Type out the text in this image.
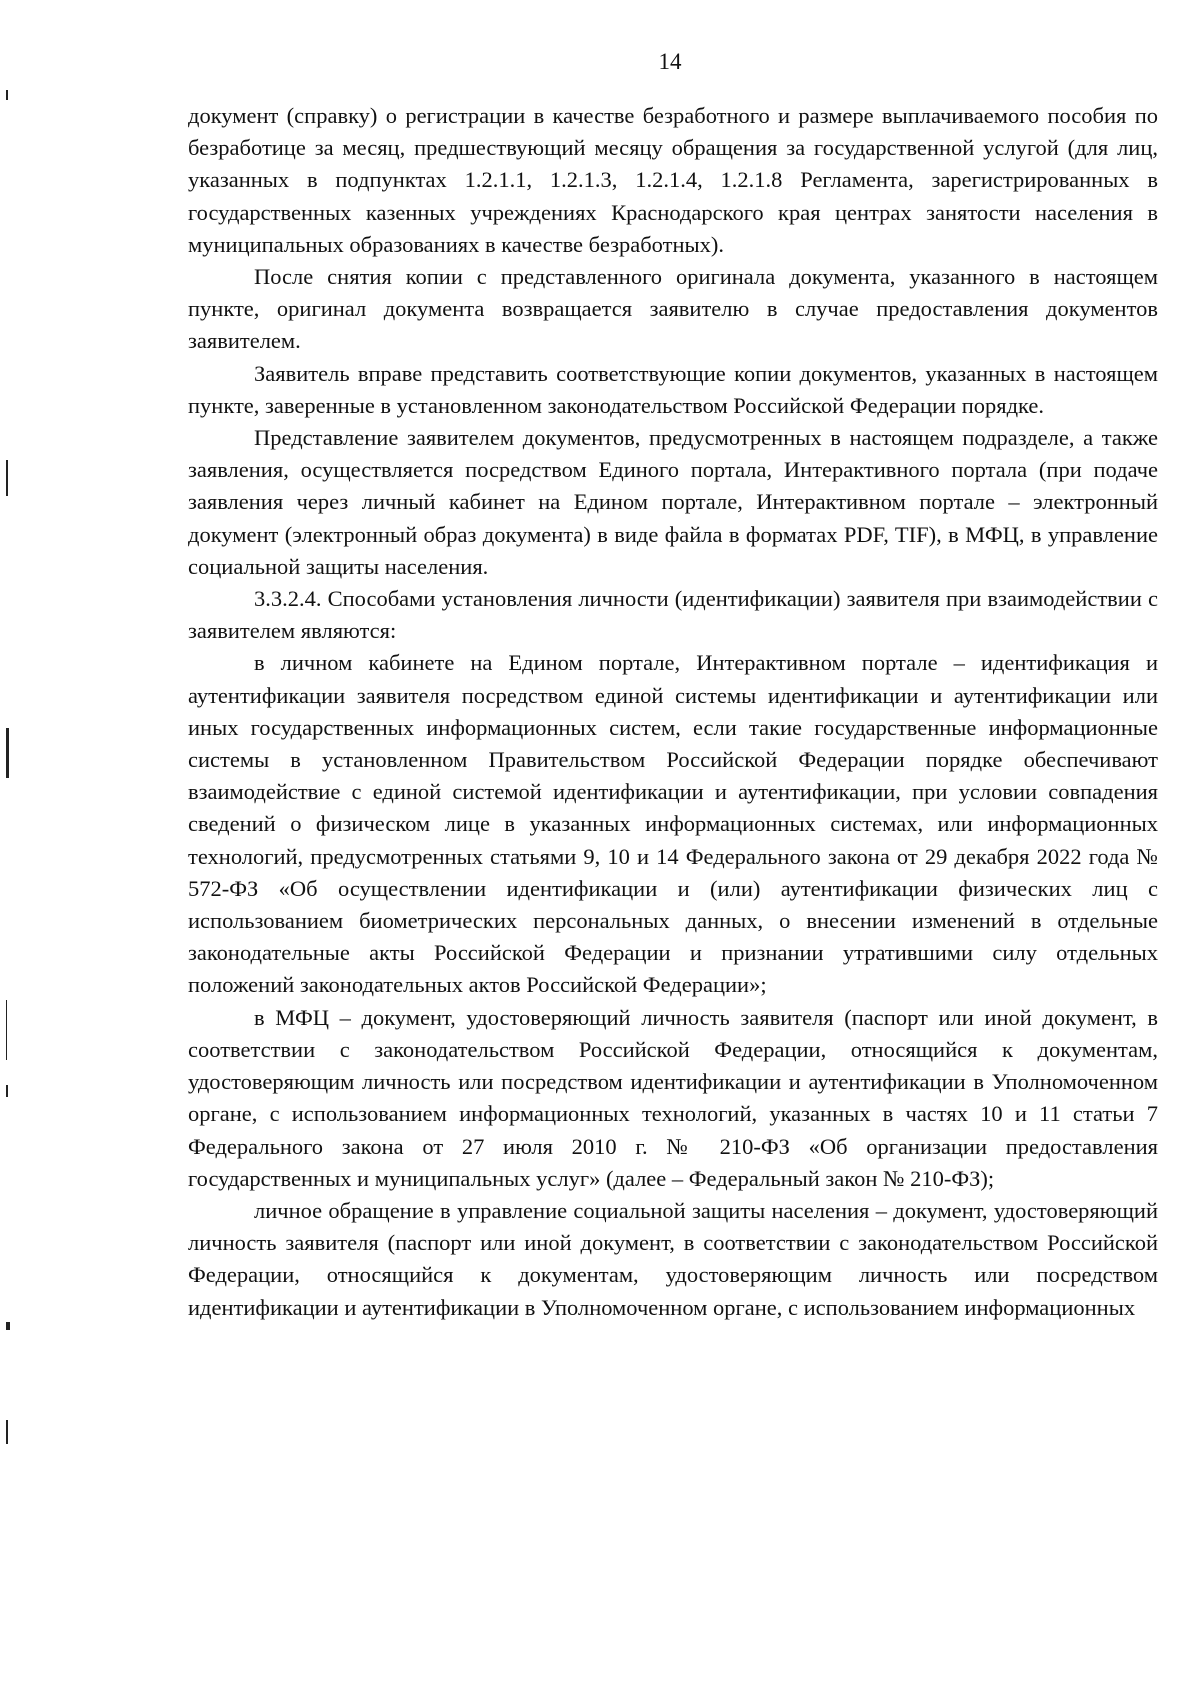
14

документ (справку) о регистрации в качестве безработного и размере выплачиваемого пособия по безработице за месяц, предшествующий месяцу обращения за государственной услугой (для лиц, указанных в подпунктах 1.2.1.1, 1.2.1.3, 1.2.1.4, 1.2.1.8 Регламента, зарегистрированных в государственных казенных учреждениях Краснодарского края центрах занятости населения в муниципальных образованиях в качестве безработных).

После снятия копии с представленного оригинала документа, указанного в настоящем пункте, оригинал документа возвращается заявителю в случае предоставления документов заявителем.

Заявитель вправе представить соответствующие копии документов, указанных в настоящем пункте, заверенные в установленном законодательством Российской Федерации порядке.

Представление заявителем документов, предусмотренных в настоящем подразделе, а также заявления, осуществляется посредством Единого портала, Интерактивного портала (при подаче заявления через личный кабинет на Едином портале, Интерактивном портале – электронный документ (электронный образ документа) в виде файла в форматах PDF, TIF), в МФЦ, в управление социальной защиты населения.

3.3.2.4. Способами установления личности (идентификации) заявителя при взаимодействии с заявителем являются:

в личном кабинете на Едином портале, Интерактивном портале – идентификация и аутентификации заявителя посредством единой системы идентификации и аутентификации или иных государственных информационных систем, если такие государственные информационные системы в установленном Правительством Российской Федерации порядке обеспечивают взаимодействие с единой системой идентификации и аутентификации, при условии совпадения сведений о физическом лице в указанных информационных системах, или информационных технологий, предусмотренных статьями 9, 10 и 14 Федерального закона от 29 декабря 2022 года № 572-ФЗ «Об осуществлении идентификации и (или) аутентификации физических лиц с использованием биометрических персональных данных, о внесении изменений в отдельные законодательные акты Российской Федерации и признании утратившими силу отдельных положений законодательных актов Российской Федерации»;

в МФЦ – документ, удостоверяющий личность заявителя (паспорт или иной документ, в соответствии с законодательством Российской Федерации, относящийся к документам, удостоверяющим личность или посредством идентификации и аутентификации в Уполномоченном органе, с использованием информационных технологий, указанных в частях 10 и 11 статьи 7 Федерального закона от 27 июля 2010 г. № 210-ФЗ «Об организации предоставления государственных и муниципальных услуг» (далее – Федеральный закон № 210-ФЗ);

личное обращение в управление социальной защиты населения – документ, удостоверяющий личность заявителя (паспорт или иной документ, в соответствии с законодательством Российской Федерации, относящийся к документам, удостоверяющим личность или посредством идентификации и аутентификации в Уполномоченном органе, с использованием информационных
